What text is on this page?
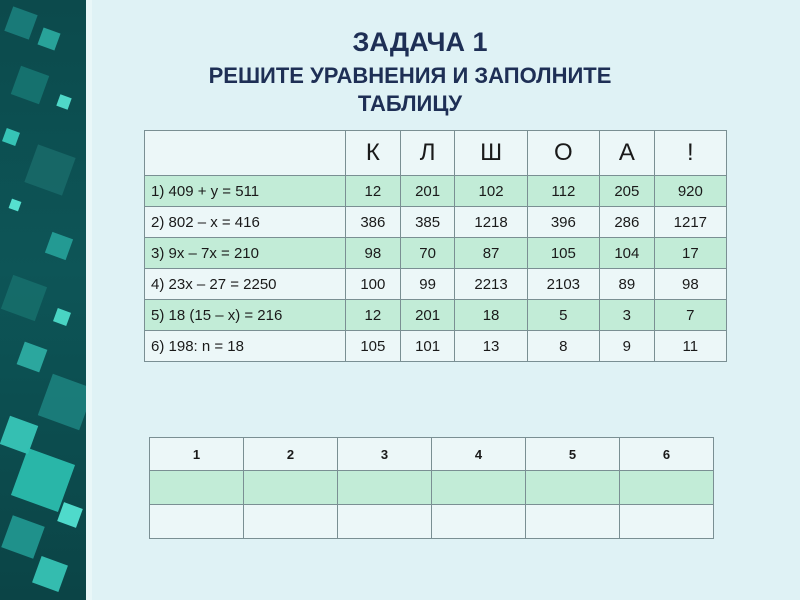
ЗАДАЧА 1
РЕШИТЕ УРАВНЕНИЯ И ЗАПОЛНИТЕ
ТАБЛИЦУ
	К	Л	Ш	О	А	!
1) 409 + y = 511	12	201	102	112	205	920
2) 802 – x = 416	386	385	1218	396	286	1217
3) 9x – 7x = 210	98	70	87	105	104	17
4) 23x – 27 = 2250	100	99	2213	2103	89	98
5) 18 (15 – x) = 216	12	201	18	5	3	7
6) 198: n = 18	105	101	13	8	9	11
1	2	3	4	5	6
